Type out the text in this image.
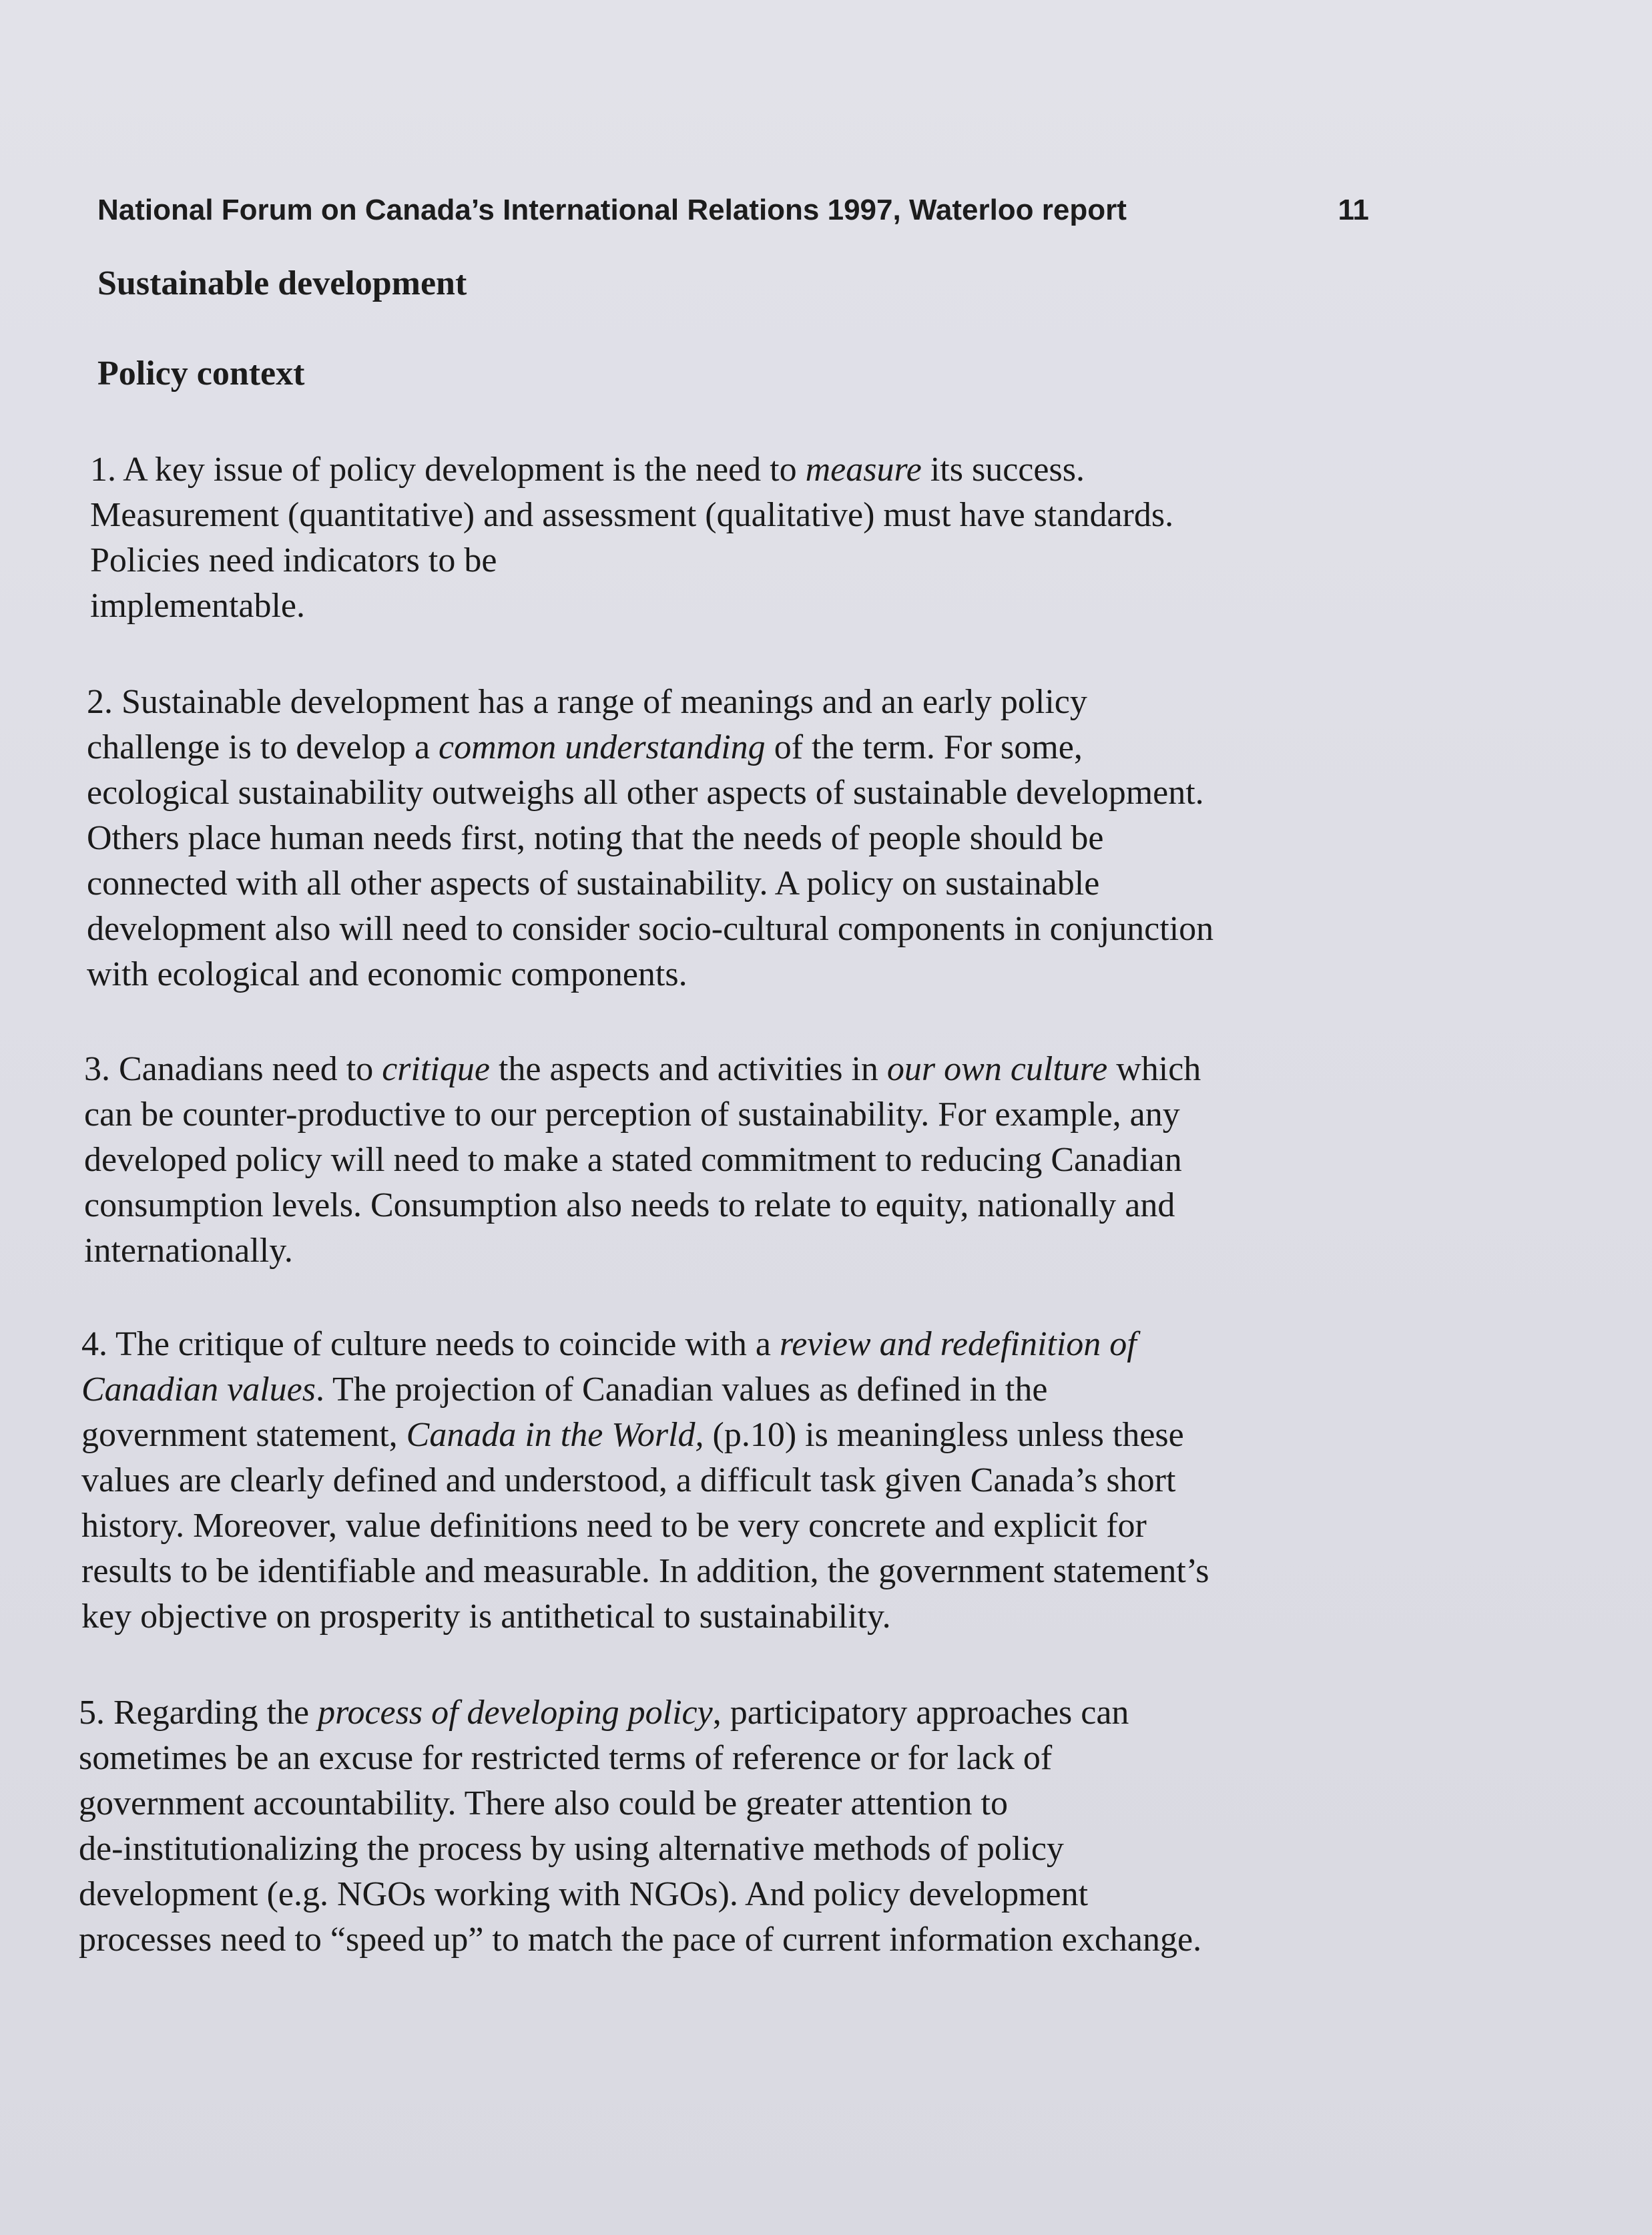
National Forum on Canada’s International Relations 1997, Waterloo report	11
Sustainable development
Policy context
1. A key issue of policy development is the need to measure its success.
Measurement (quantitative) and assessment (qualitative) must have standards.
Policies need indicators to be
implementable.
2. Sustainable development has a range of meanings and an early policy
challenge is to develop a common understanding of the term. For some,
ecological sustainability outweighs all other aspects of sustainable development.
Others place human needs first, noting that the needs of people should be
connected with all other aspects of sustainability. A policy on sustainable
development also will need to consider socio-cultural components in conjunction
with ecological and economic components.
3. Canadians need to critique the aspects and activities in our own culture which
can be counter-productive to our perception of sustainability. For example, any
developed policy will need to make a stated commitment to reducing Canadian
consumption levels. Consumption also needs to relate to equity, nationally and
internationally.
4. The critique of culture needs to coincide with a review and redefinition of
Canadian values. The projection of Canadian values as defined in the
government statement, Canada in the World, (p.10) is meaningless unless these
values are clearly defined and understood, a difficult task given Canada’s short
history. Moreover, value definitions need to be very concrete and explicit for
results to be identifiable and measurable. In addition, the government statement’s
key objective on prosperity is antithetical to sustainability.
5. Regarding the process of developing policy, participatory approaches can
sometimes be an excuse for restricted terms of reference or for lack of
government accountability. There also could be greater attention to
de-institutionalizing the process by using alternative methods of policy
development (e.g. NGOs working with NGOs). And policy development
processes need to “speed up” to match the pace of current information exchange.
